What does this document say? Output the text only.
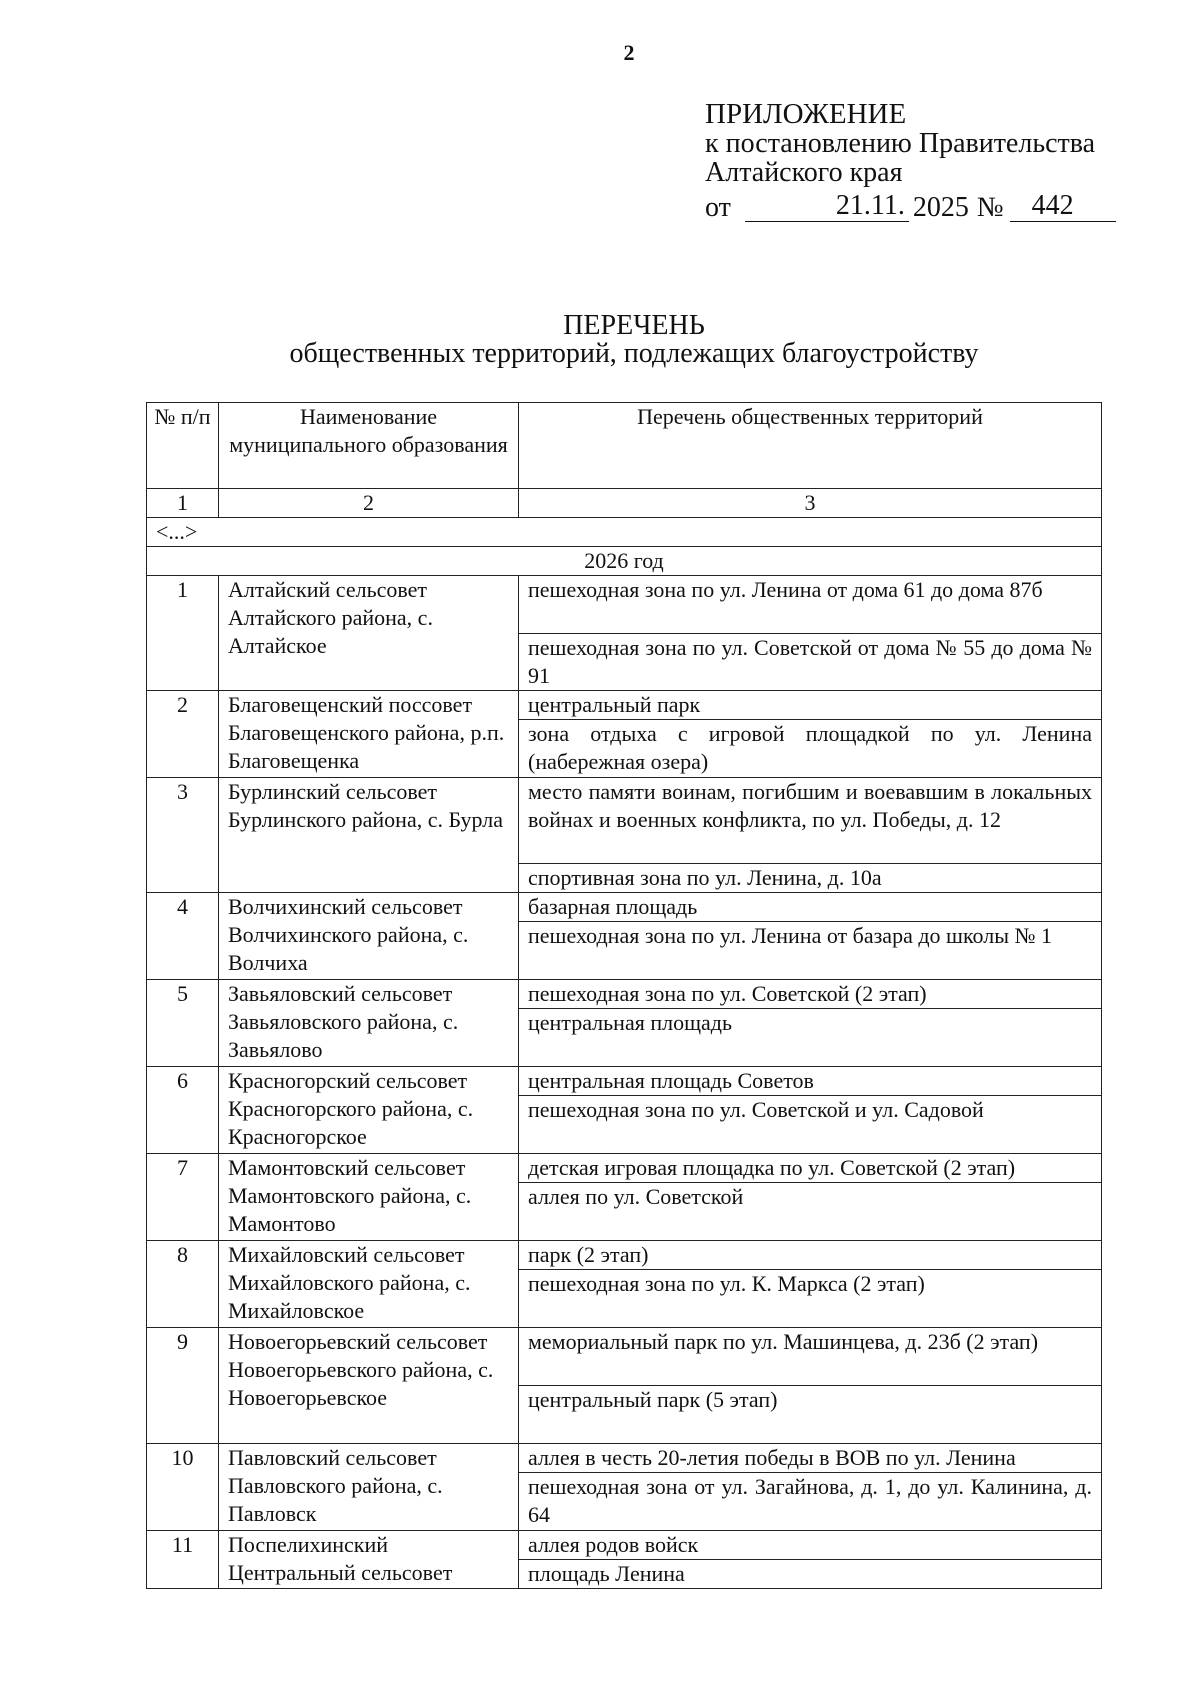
2
ПРИЛОЖЕНИЕ
к постановлению Правительства
Алтайского края
от	21.11. 2025 №	442
ПЕРЕЧЕНЬ
общественных территорий, подлежащих благоустройству
№ п/п	Наименование муниципального образования	Перечень общественных территорий
1	2	3
<...>		
2026 год		
1	Алтайский сельсовет Алтайского района, с. Алтайское	пешеходная зона по ул. Ленина от дома 61 до дома 87б
		пешеходная зона по ул. Советской от дома № 55 до дома № 91
2	Благовещенский поссовет Благовещенского района, р.п. Благовещенка	центральный парк
		зона отдыха с игровой площадкой по ул. Ленина (набережная озера)
3	Бурлинский сельсовет Бурлинского района, с. Бурла	место памяти воинам, погибшим и воевавшим в локальных войнах и военных конфликта, по ул. Победы, д. 12
		спортивная зона по ул. Ленина, д. 10а
4	Волчихинский сельсовет Волчихинского района, с. Волчиха	базарная площадь
		пешеходная зона по ул. Ленина от базара до школы № 1
5	Завьяловский сельсовет Завьяловского района, с. Завьялово	пешеходная зона по ул. Советской (2 этап)
		центральная площадь
6	Красногорский сельсовет Красногорского района, с. Красногорское	центральная площадь Советов
		пешеходная зона по ул. Советской и ул. Садовой
7	Мамонтовский сельсовет Мамонтовского района, с. Мамонтово	детская игровая площадка по ул. Советской (2 этап)
		аллея по ул. Советской
8	Михайловский сельсовет Михайловского района, с. Михайловское	парк (2 этап)
		пешеходная зона по ул. К. Маркса (2 этап)
9	Новоегорьевский сельсовет Новоегорьевского района, с. Новоегорьевское	мемориальный парк по ул. Машинцева, д. 23б (2 этап)
		центральный парк (5 этап)
10	Павловский сельсовет Павловского района, с. Павловск	аллея в честь 20-летия победы в ВОВ по ул. Ленина
		пешеходная зона от ул. Загайнова, д. 1, до ул. Калинина, д. 64
11	Поспелихинский Центральный сельсовет	аллея родов войск
		площадь Ленина
